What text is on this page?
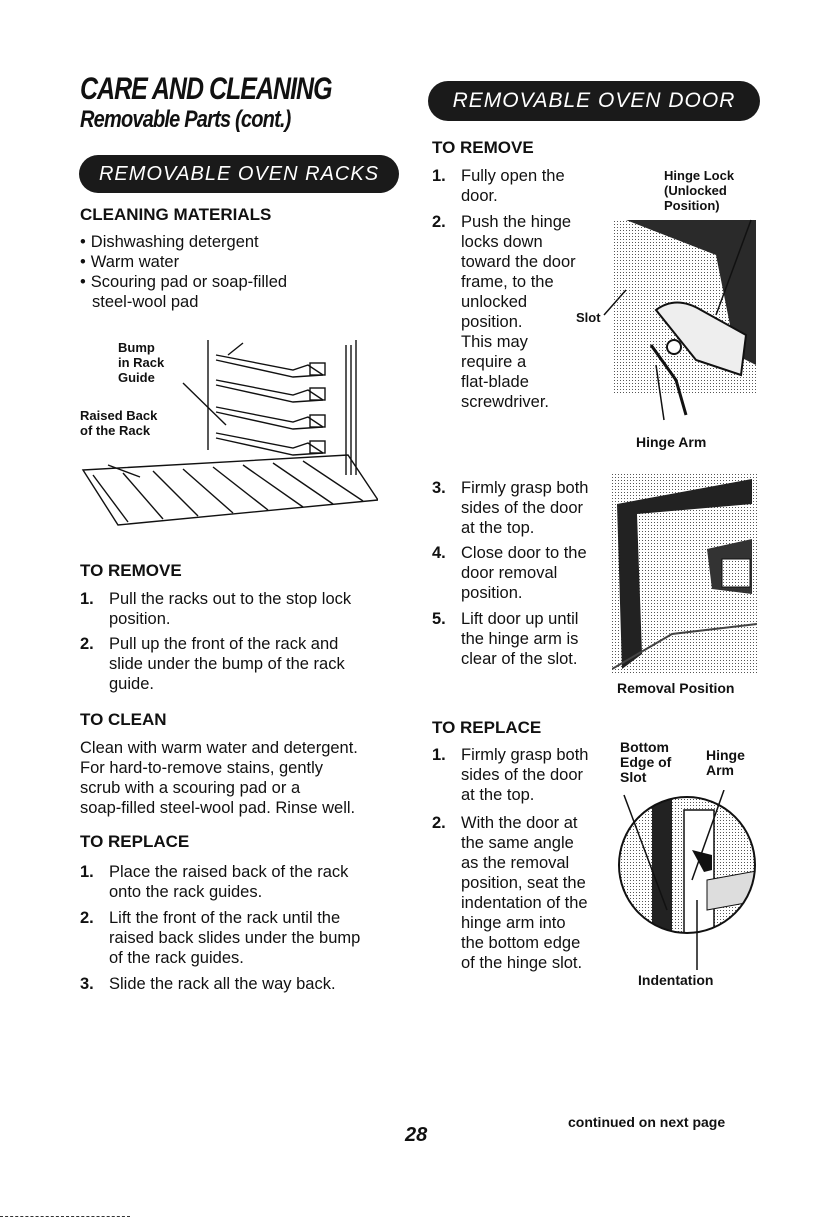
CARE AND CLEANING
Removable Parts (cont.)
REMOVABLE OVEN RACKS
CLEANING MATERIALS
• Dishwashing detergent
• Warm water
• Scouring pad or soap-filled steel-wool pad
Bump
in Rack
Guide
Raised Back
of the Rack
TO REMOVE
1. Pull the racks out to the stop lock
position.
2. Pull up the front of the rack and
slide under the bump of the rack
guide.
TO CLEAN
Clean with warm water and detergent.
For hard-to-remove stains, gently
scrub with a scouring pad or a
soap-filled steel-wool pad. Rinse well.
TO REPLACE
1. Place the raised back of the rack
onto the rack guides.
2. Lift the front of the rack until the
raised back slides under the bump
of the rack guides.
3. Slide the rack all the way back.
REMOVABLE OVEN DOOR
TO REMOVE
1. Fully open the
door.
2. Push the hinge
locks down
toward the door
frame, to the
unlocked
position.
This may
require a
flat-blade
screwdriver.
Hinge Lock
(Unlocked
Position)
Slot
Hinge Arm
3. Firmly grasp both
sides of the door
at the top.
4. Close door to the
door removal
position.
5. Lift door up until
the hinge arm is
clear of the slot.
Removal Position
TO REPLACE
1. Firmly grasp both
sides of the door
at the top.
2. With the door at
the same angle
as the removal
position, seat the
indentation of the
hinge arm into
the bottom edge
of the hinge slot.
Bottom
Edge of
Slot
Hinge
Arm
Indentation
28
continued on next page
